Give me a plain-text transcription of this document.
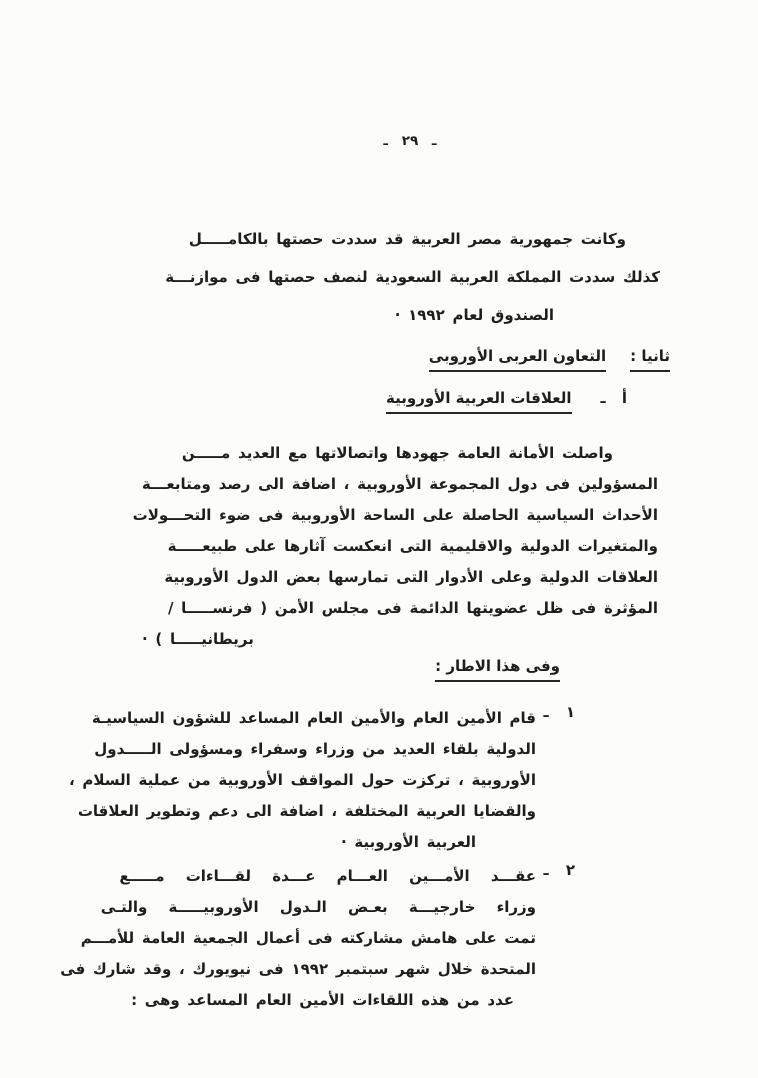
ـ ٢٩ ـ
وكانت جمهورية مصر العربية قد سددت حصتها بالكامـــــل
كذلك سددت المملكة العربية السعودية لنصف حصتها فى موازنـــة
الصندوق لعام ١٩٩٢ ·
ثانيا :
التعاون العربى الأوروبى
أ ـ
العلاقات العربية الأوروبية
واصلت الأمانة العامة جهودها واتصالاتها مع العديد مـــــن
المسؤولين فى دول المجموعة الأوروبية ، اضافة الى رصد ومتابعـــة
الأحداث السياسية الحاصلة على الساحة الأوروبية فى ضوء التحـــولات
والمتغيرات الدولية والاقليمية التى انعكست آثارها على طبيعـــــة
العلاقات الدولية وعلى الأدوار التى تمارسها بعض الدول الأوروبية
المؤثرة فى ظل عضويتها الدائمة فى مجلس الأمن ( فرنســـــا /
بريطانيـــــا ) ·
وفى هذا الاطار :
١ ـ
قام الأمين العام والأمين العام المساعد للشؤون السياسيـة
الدولية بلقاء العديد من وزراء وسفراء ومسؤولى الـــــدول
الأوروبية ، تركزت حول المواقف الأوروبية من عملية السلام ،
والقضايا العربية المختلفة ، اضافة الى دعم وتطوير العلاقات
العربية الأوروبية ·
٢ ـ
عقـــد الأمـــين العـــام عـــدة لقـــاءات مـــــع
وزراء خارجيـــة بعـض الـدول الأوروبيـــــة والتـى
تمت على هامش مشاركته فى أعمال الجمعية العامة للأمـــم
المتحدة خلال شهر سبتمبر ١٩٩٢ فى نيويورك ، وقد شارك فى
عدد من هذه اللقاءات الأمين العام المساعد وهى :
